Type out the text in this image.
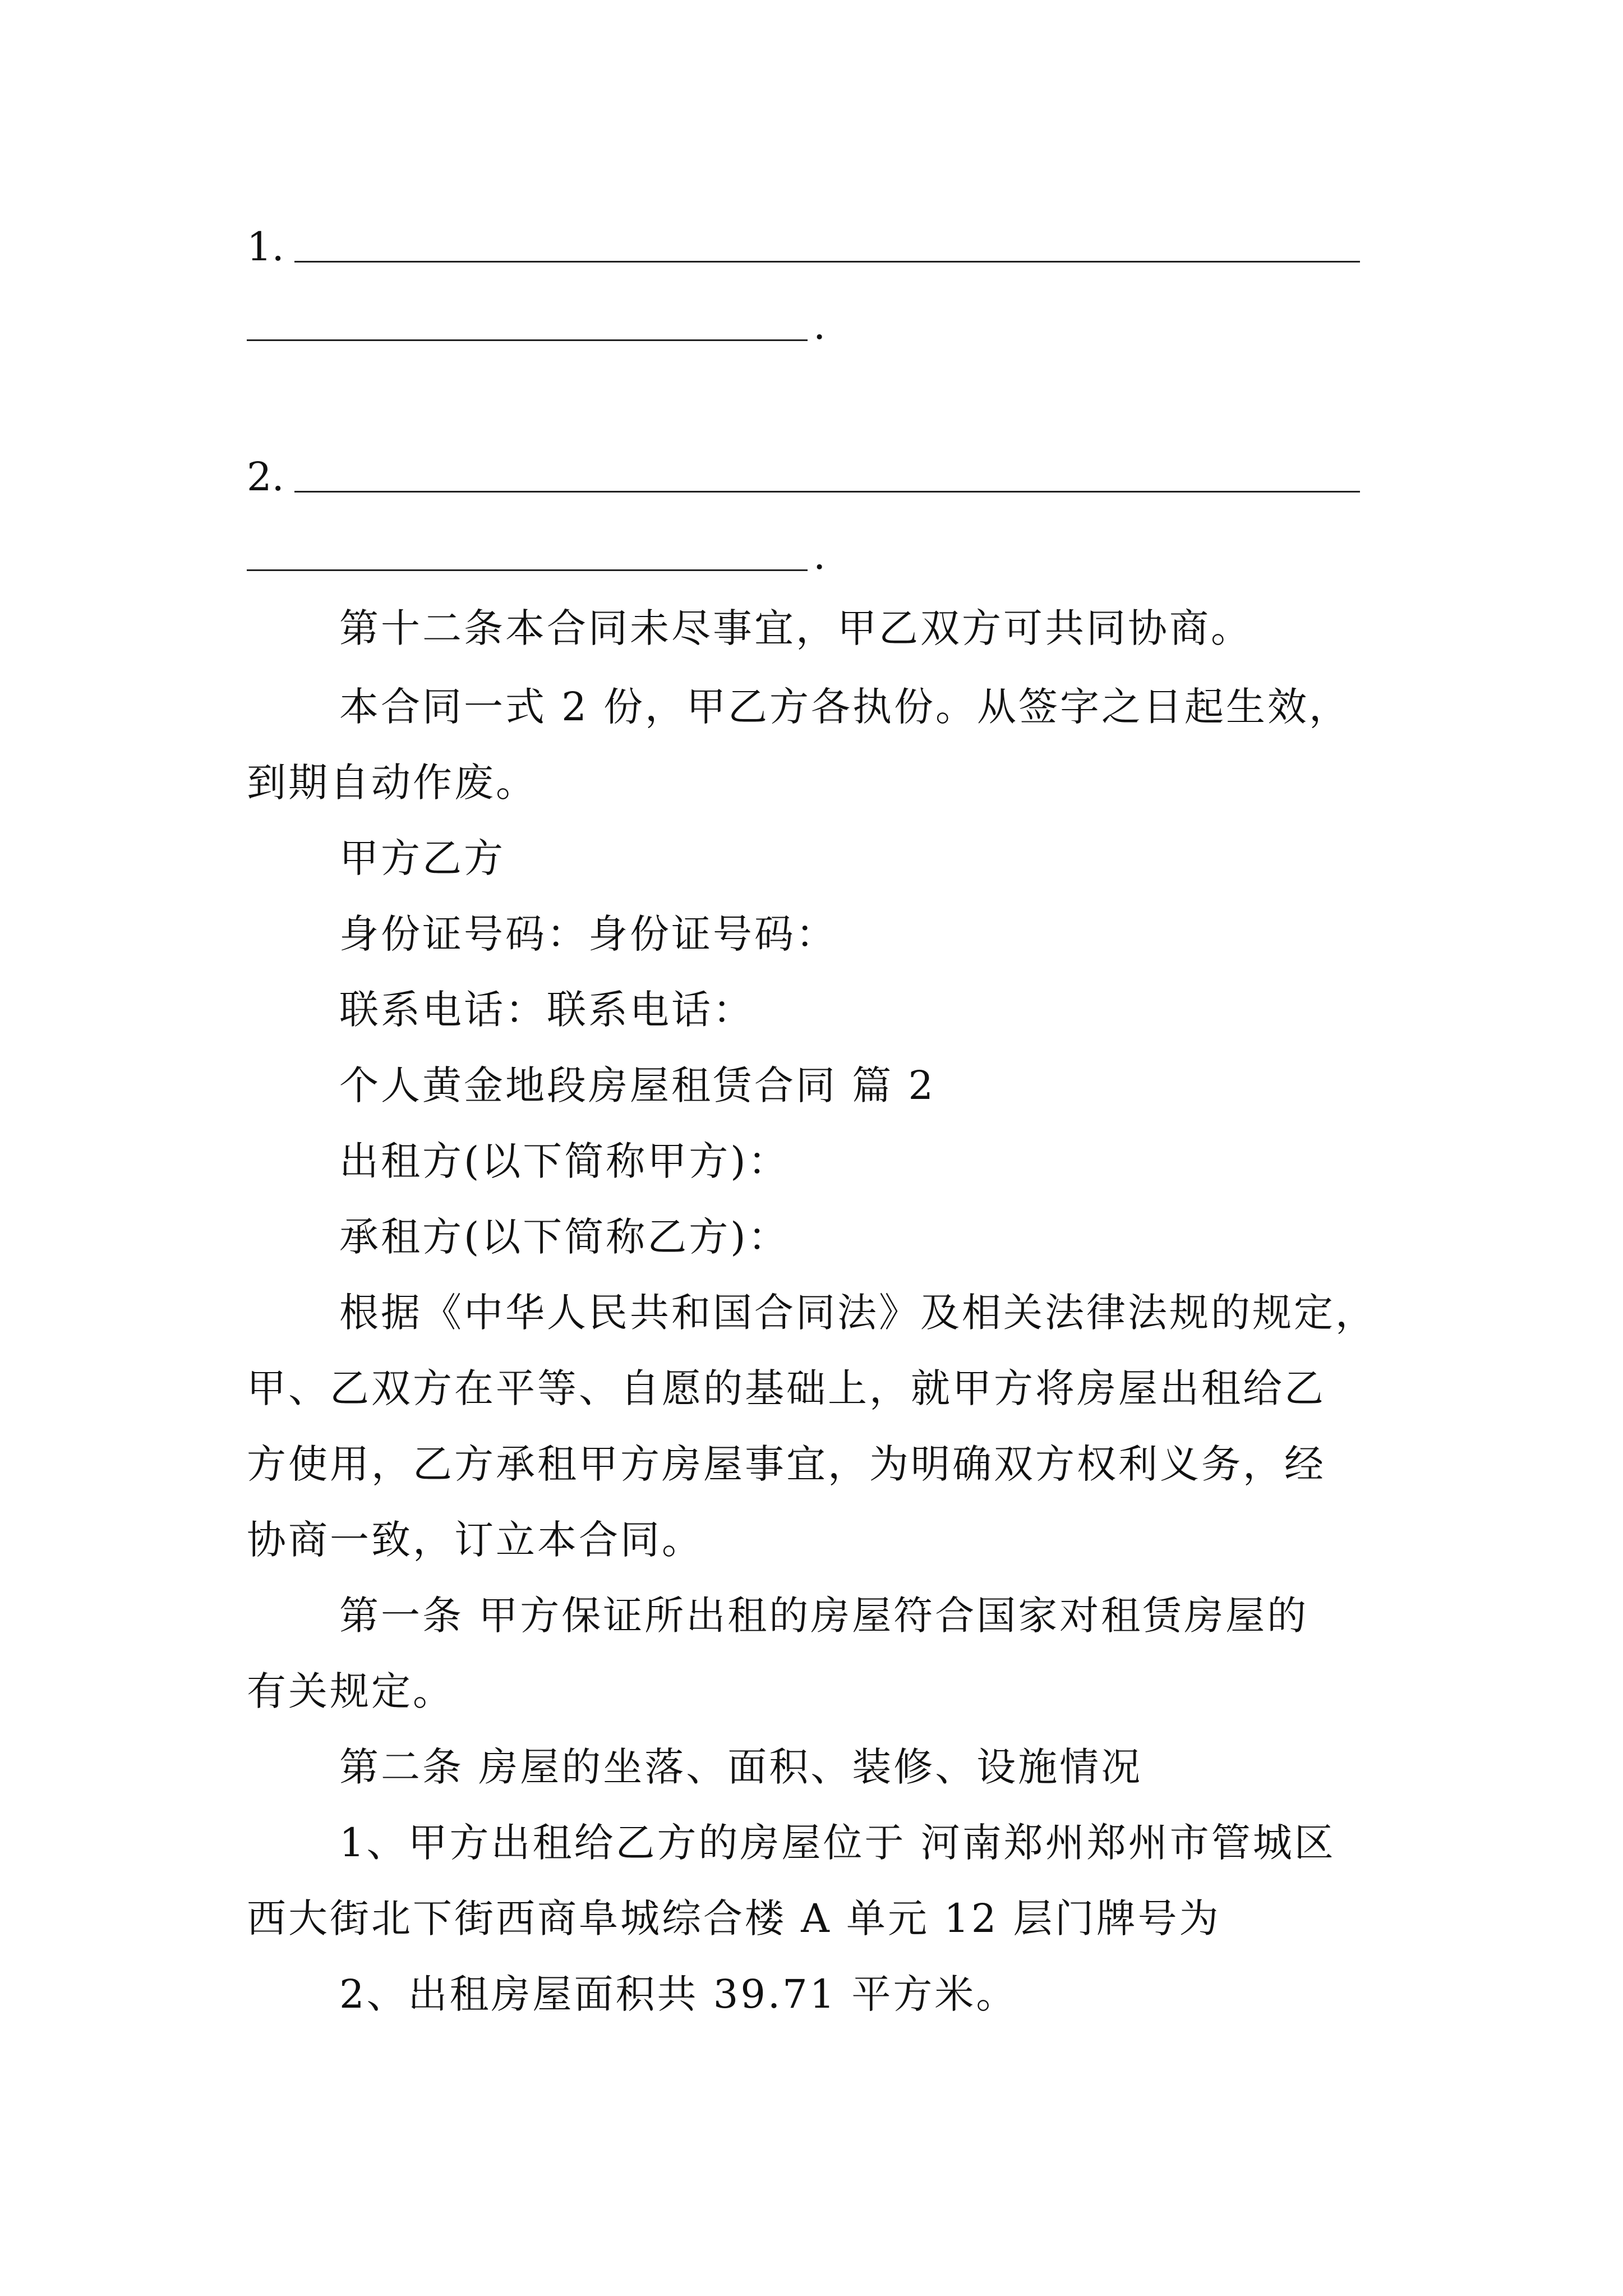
1.
.
2.
.
第十二条本合同未尽事宜，甲乙双方可共同协商。
本合同一式 2 份，甲乙方各执份。从签字之日起生效，
到期自动作废。
甲方乙方
身份证号码：身份证号码：
联系电话：联系电话：
个人黄金地段房屋租赁合同 篇 2
出租方(以下简称甲方)：
承租方(以下简称乙方)：
根据《中华人民共和国合同法》及相关法律法规的规定，
甲、乙双方在平等、自愿的基础上，就甲方将房屋出租给乙
方使用，乙方承租甲方房屋事宜，为明确双方权利义务，经
协商一致，订立本合同。
第一条 甲方保证所出租的房屋符合国家对租赁房屋的
有关规定。
第二条 房屋的坐落、面积、装修、设施情况
1、甲方出租给乙方的房屋位于 河南郑州郑州市管城区
西大街北下街西商阜城综合楼 A 单元 12 层门牌号为
2、出租房屋面积共 39.71 平方米。
